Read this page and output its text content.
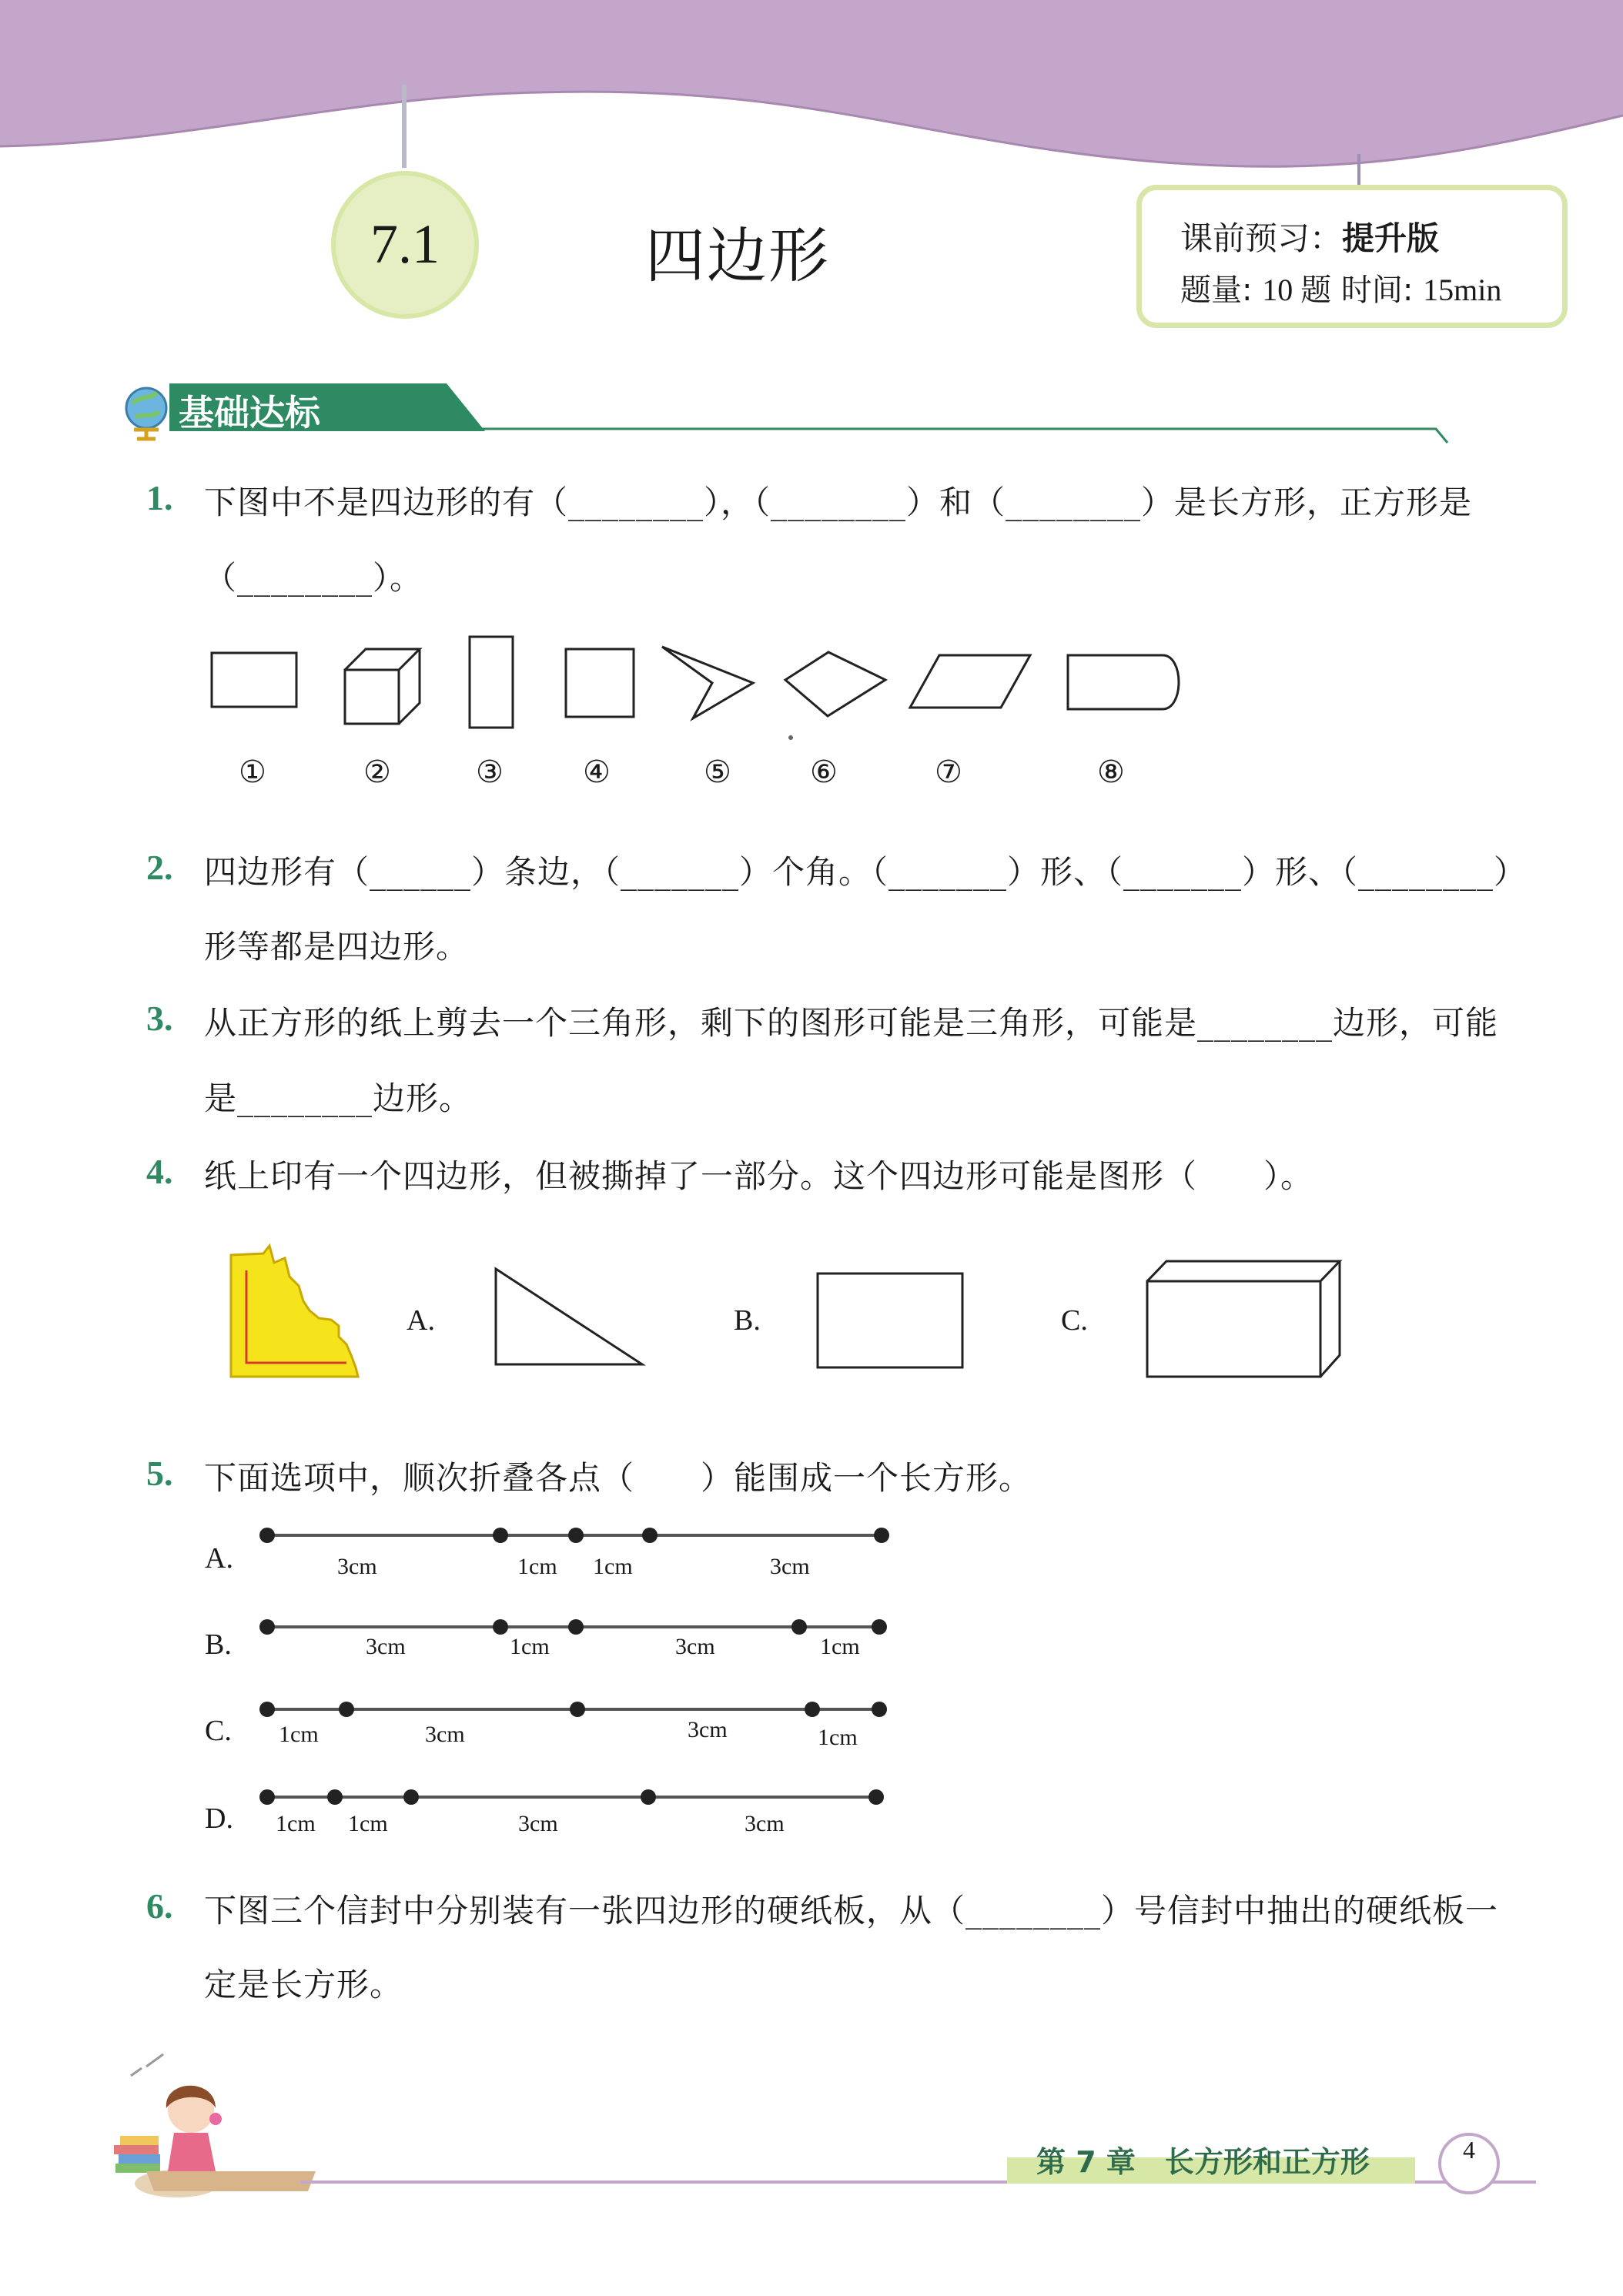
7.1	四边形	课前预习：提升版
题量: 10 题 时间: 15min
基础达标
1. 下图中不是四边形的有（________），（________）和（________）是长方形，正方形是
（________）。
①	②	③	④	⑤	⑥	⑦	⑧
2. 四边形有（______）条边，（_______）个角。（_______）形、（_______）形、（________）
形等都是四边形。
3. 从正方形的纸上剪去一个三角形，剩下的图形可能是三角形，可能是________边形，可能
是________边形。
4. 纸上印有一个四边形，但被撕掉了一部分。这个四边形可能是图形（　　）。
A.	B.	C.
5. 下面选项中，顺次折叠各点（　　）能围成一个长方形。
A.	3cm	1cm 1cm	3cm
B.	3cm	1cm	3cm	1cm
C. 1cm	3cm	3cm	1cm
D. 1cm 1cm	3cm	3cm
6. 下图三个信封中分别装有一张四边形的硬纸板，从（________）号信封中抽出的硬纸板一
定是长方形。
第 7 章　长方形和正方形	4
